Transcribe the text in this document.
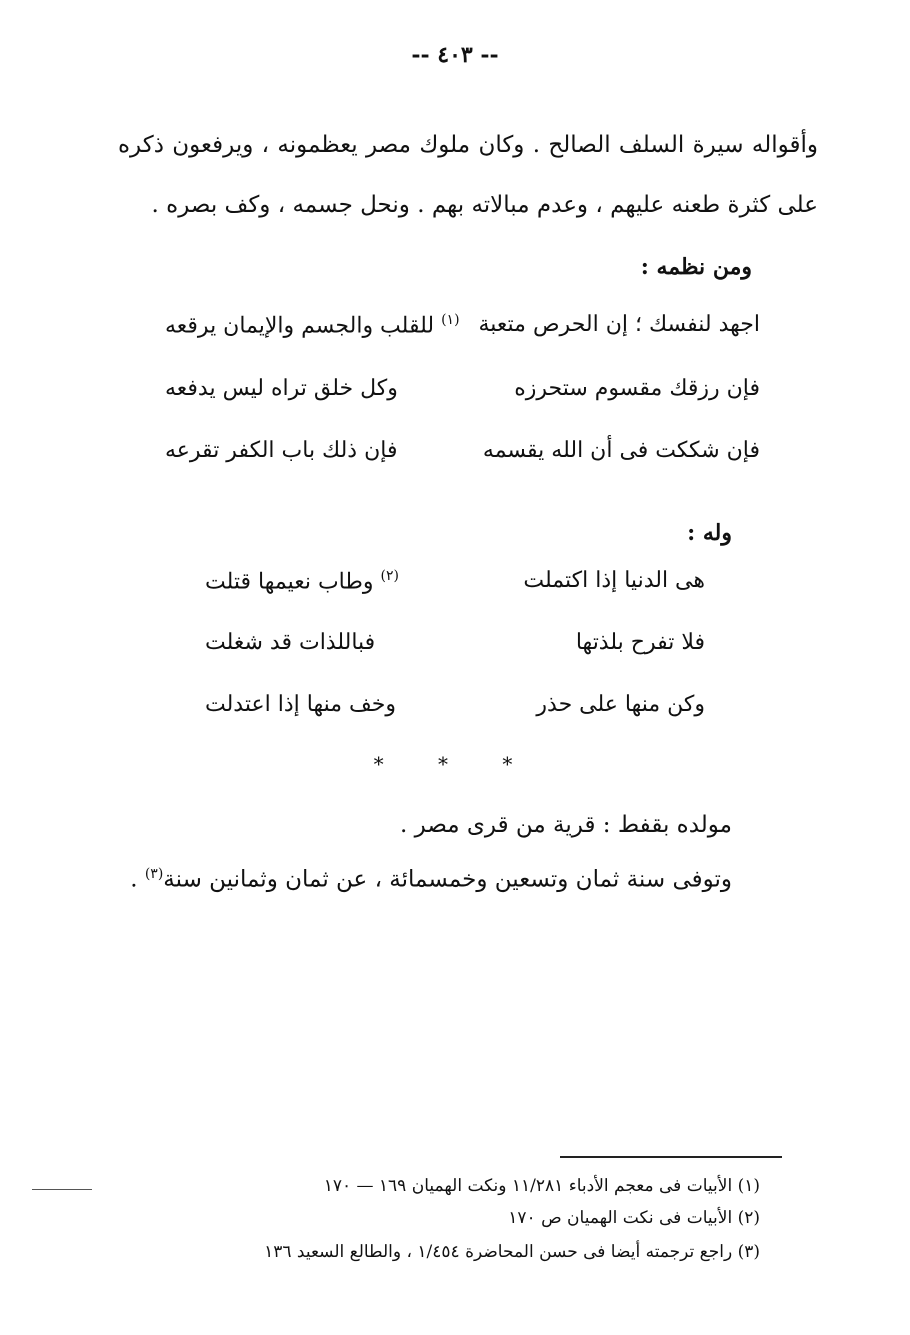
-- ٤٠٣ --
وأقواله سيرة السلف الصالح . وكان ملوك مصر يعظمونه ، ويرفعون ذكره على كثرة طعنه عليهم ، وعدم مبالاته بهم . ونحل جسمه ، وكف بصره .
ومن نظمه :
اجهد لنفسك ؛ إن الحرص متعبة
$^{(١)}$ للقلب والجسم والإيمان يرقعه
فإن رزقك مقسوم ستحرزه
وكل خلق تراه ليس يدفعه
فإن شككت فى أن الله يقسمه
فإن ذلك باب الكفر تقرعه
وله :
هى الدنيا إذا اكتملت
$^{(٢)}$ وطاب نعيمها قتلت
فلا تفرح بلذتها
فباللذات قد شغلت
وكن منها على حذر
وخف منها إذا اعتدلت
* * *
مولده بقفط : قرية من قرى مصر .
وتوفى سنة ثمان وتسعين وخمسمائة ، عن ثمان وثمانين سنة$^{(٣)}$ .
(١) الأبيات فى معجم الأدباء ١١/٢٨١ ونكت الهميان ١٦٩ — ١٧٠
(٢) الأبيات فى نكت الهميان ص ١٧٠
(٣) راجع ترجمته أيضا فى حسن المحاضرة ١/٤٥٤ ، والطالع السعيد ١٣٦
